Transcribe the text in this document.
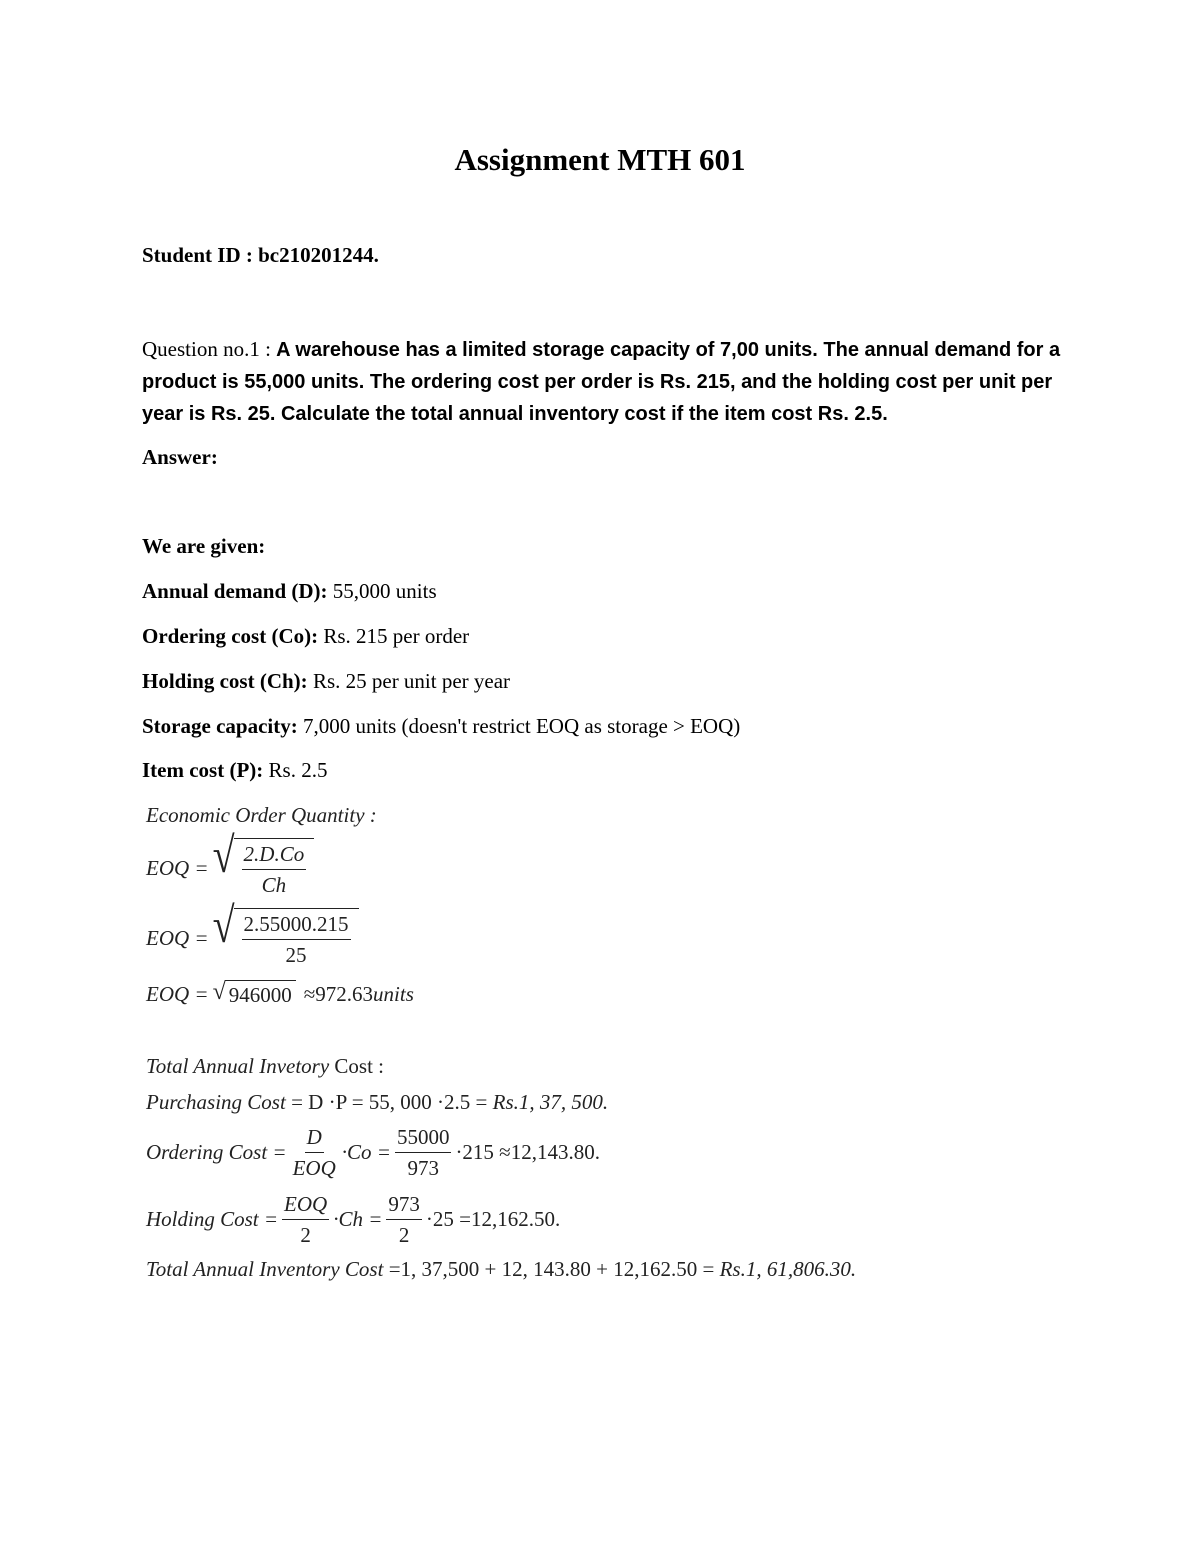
Assignment MTH 601
Student ID : bc210201244.
Question no.1 : A warehouse has a limited storage capacity of 7,00 units. The annual demand for a product is 55,000 units. The ordering cost per order is Rs. 215, and the holding cost per unit per year is Rs. 25. Calculate the total annual inventory cost if the item cost Rs. 2.5.
Answer:
We are given:
Annual demand (D): 55,000 units
Ordering cost (Co): Rs. 215 per order
Holding cost (Ch): Rs. 25 per unit per year
Storage capacity: 7,000 units (doesn't restrict EOQ as storage > EOQ)
Item cost (P): Rs. 2.5
Economic Order Quantity :
EOQ = √ $\frac{2.D.Co}{Ch}$
EOQ = √ $\frac{2.55000.215}{25}$
EOQ = √ 946000 ≈972.63 units
Total Annual Invetory Cost :
Purchasing Cost = D ·P = 55, 000 ·2.5 = Rs.1, 37, 500.
Ordering Cost = $\frac{D}{\text{EOQ}} \cdot Co = \frac{55000}{973} \cdot 215 \approx 12,143.80$.
Holding Cost = $\frac{\text{EOQ}}{2} \cdot Ch = \frac{973}{2} \cdot 25 =12,162.50$.
Total Annual Inventory Cost =1, 37,500 + 12, 143.80 + 12,162.50 = Rs.1, 61,806.30.
